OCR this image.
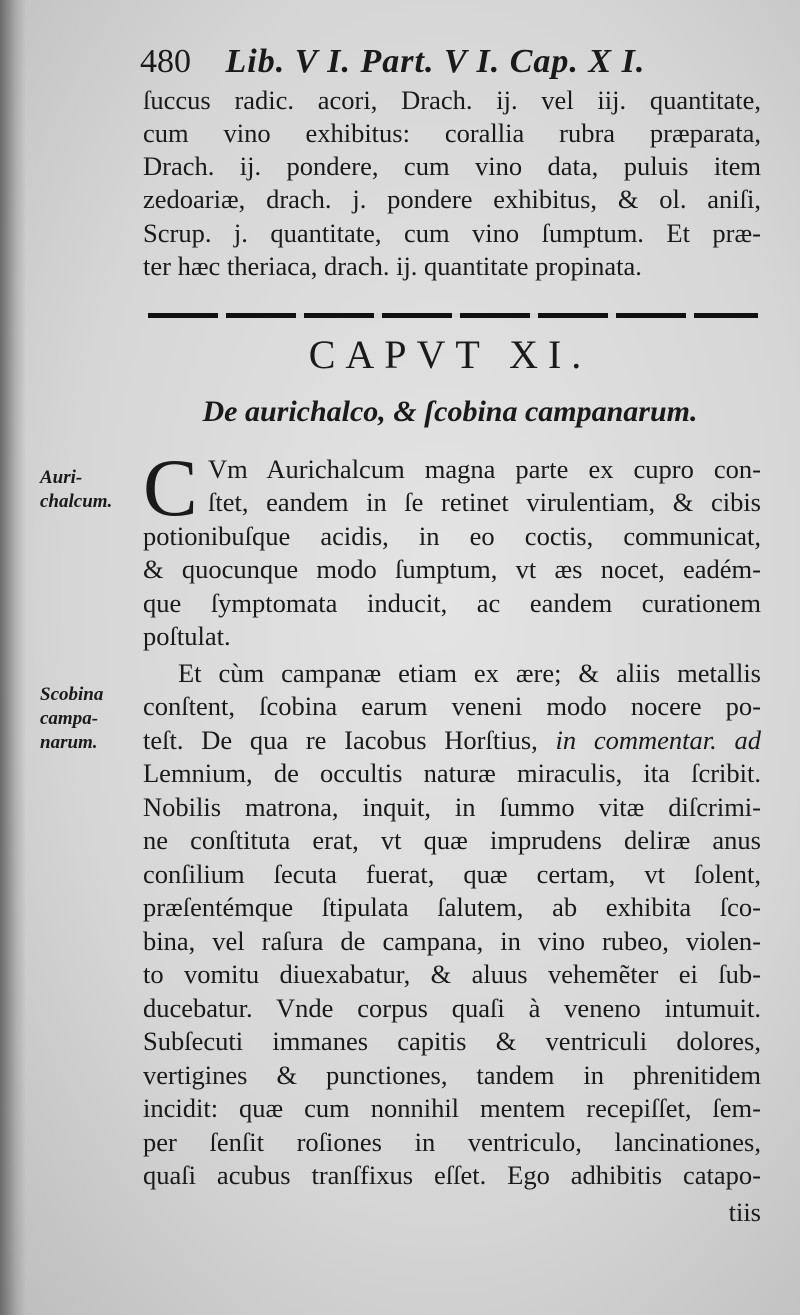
480 Lib. V I. Part. V I. Cap. X I.
ſuccus radic. acori, Drach. ij. vel iij. quantitate,
cum vino exhibitus: corallia rubra præparata,
Drach. ij. pondere, cum vino data, puluis item
zedoariæ, drach. j. pondere exhibitus, & ol. aniſi,
Scrup. j. quantitate, cum vino ſumptum. Et præ-
ter hæc theriaca, drach. ij. quantitate propinata.
CAPVT XI.
De aurichalco, & ſcobina campanarum.
Auri-
chalcum.
Scobina
campa-
narum.
C Vm Aurichalcum magna parte ex cupro con-
ſtet, eandem in ſe retinet virulentiam, & cibis
potionibuſque acidis, in eo coctis, communicat,
& quocunque modo ſumptum, vt æs nocet, eadém-
que ſymptomata inducit, ac eandem curationem
poſtulat.
Et cùm campanæ etiam ex ære; & aliis metallis
conſtent, ſcobina earum veneni modo nocere po-
teſt. De qua re Iacobus Horſtius, in commentar. ad
Lemnium, de occultis naturæ miraculis, ita ſcribit.
Nobilis matrona, inquit, in ſummo vitæ diſcrimi-
ne conſtituta erat, vt quæ imprudens deliræ anus
conſilium ſecuta fuerat, quæ certam, vt ſolent,
præſentémque ſtipulata ſalutem, ab exhibita ſco-
bina, vel raſura de campana, in vino rubeo, violen-
to vomitu diuexabatur, & aluus vehemẽter ei ſub-
ducebatur. Vnde corpus quaſi à veneno intumuit.
Subſecuti immanes capitis & ventriculi dolores,
vertigines & punctiones, tandem in phrenitidem
incidit: quæ cum nonnihil mentem recepiſſet, ſem-
per ſenſit roſiones in ventriculo, lancinationes,
quaſi acubus tranſfixus eſſet. Ego adhibitis catapo-
tiis
